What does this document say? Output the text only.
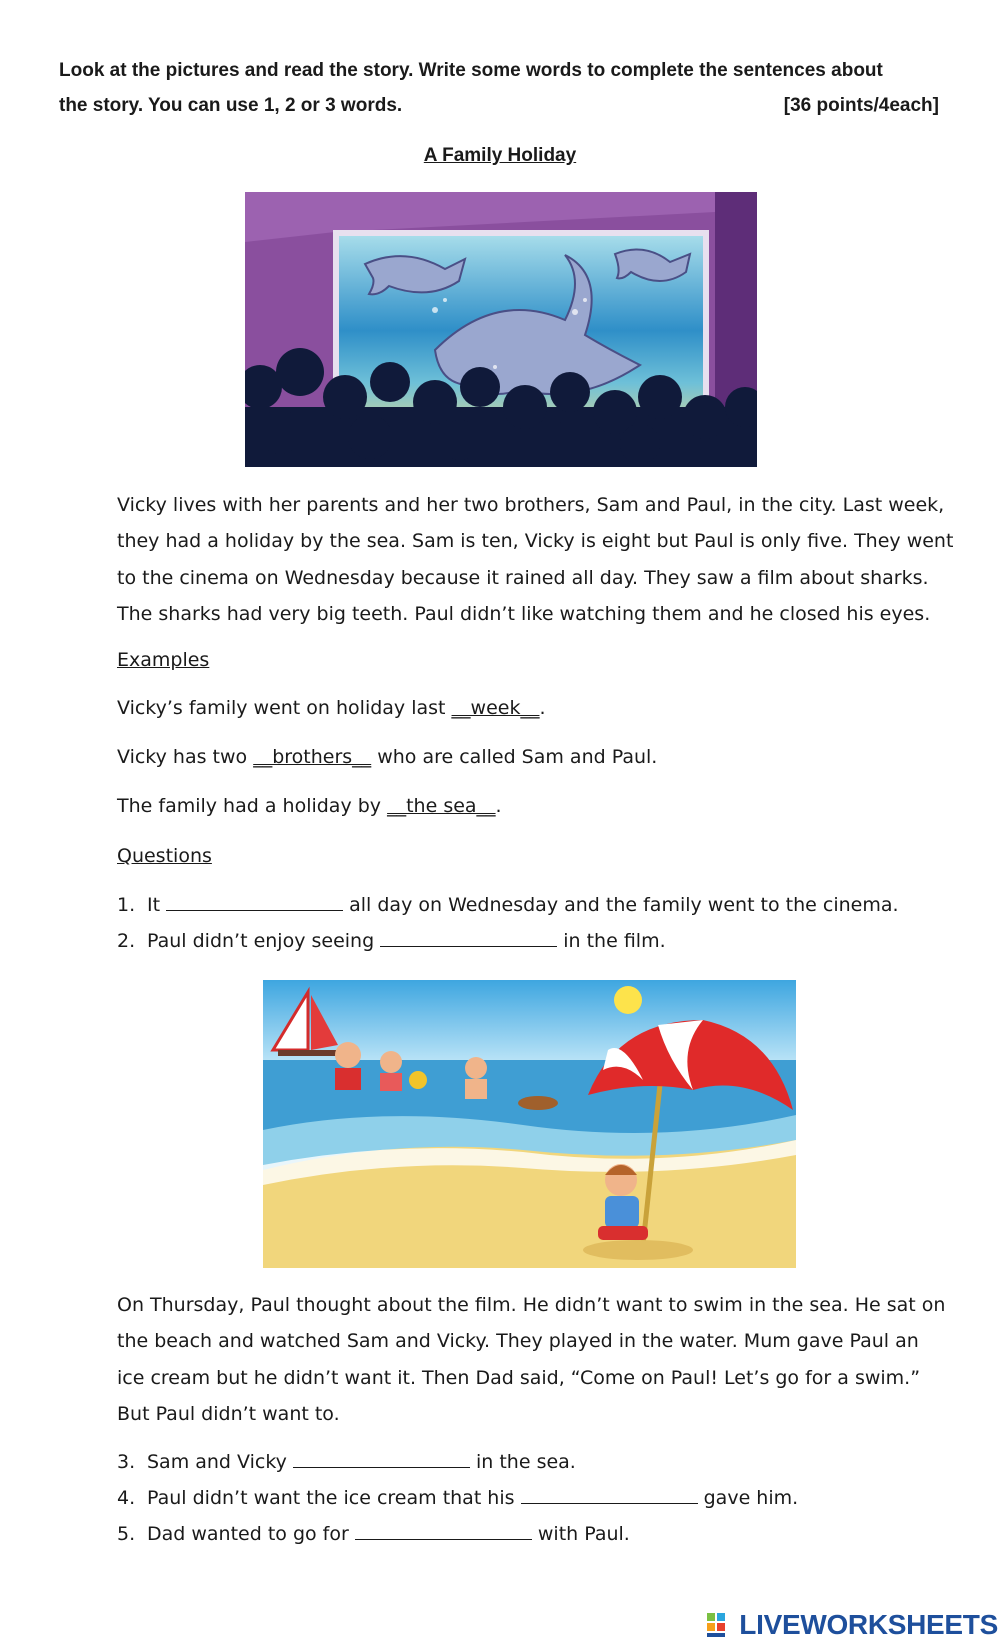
Look at the pictures and read the story. Write some words to complete the sentences about
the story. You can use 1, 2 or 3 words.	[36 points/4each]
A Family Holiday
Vicky lives with her parents and her two brothers, Sam and Paul, in the city. Last week,
they had a holiday by the sea. Sam is ten, Vicky is eight but Paul is only five. They went
to the cinema on Wednesday because it rained all day. They saw a film about sharks.
The sharks had very big teeth. Paul didn’t like watching them and he closed his eyes.
Examples
Vicky’s family went on holiday last __week__.
Vicky has two __brothers__ who are called Sam and Paul.
The family had a holiday by __the sea__.
Questions
1. It	all day on Wednesday and the family went to the cinema.
2. Paul didn’t enjoy seeing	in the film.
On Thursday, Paul thought about the film. He didn’t want to swim in the sea. He sat on
the beach and watched Sam and Vicky. They played in the water. Mum gave Paul an
ice cream but he didn’t want it. Then Dad said, “Come on Paul! Let’s go for a swim.”
But Paul didn’t want to.
3. Sam and Vicky	in the sea.
4. Paul didn’t want the ice cream that his	gave him.
5. Dad wanted to go for	with Paul.
LIVEWORKSHEETS
